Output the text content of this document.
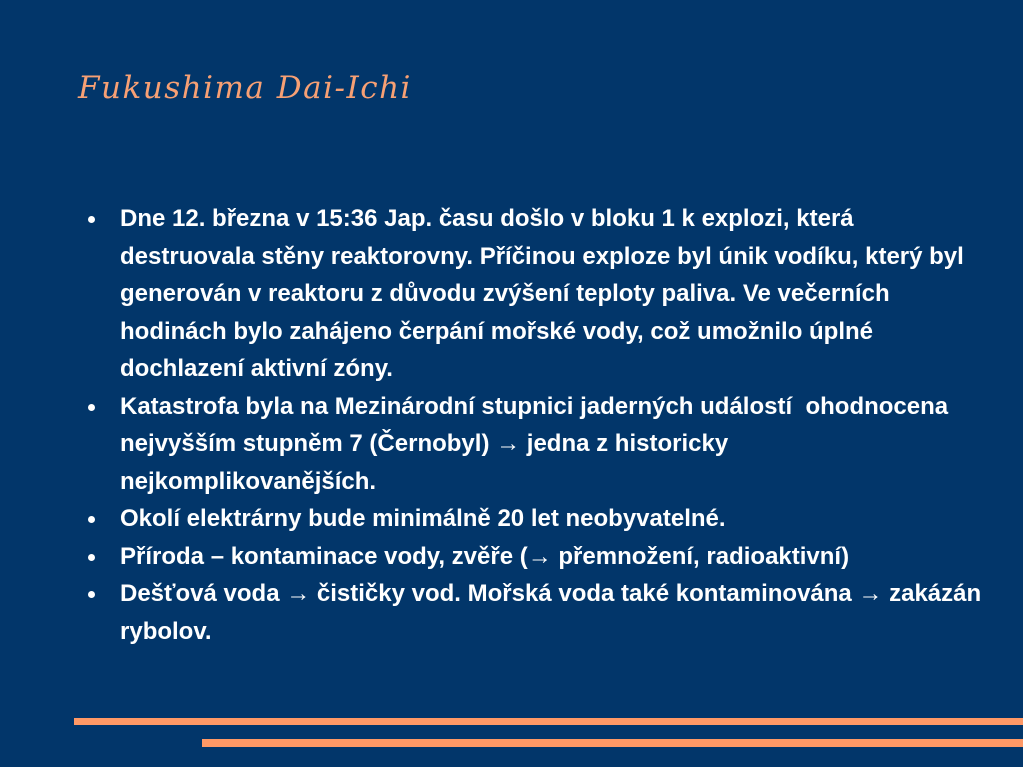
Fukushima Dai-Ichi
Dne 12. března v 15:36 Jap. času došlo v bloku 1 k explozi, která destruovala stěny reaktorovny. Příčinou exploze byl únik vodíku, který byl generován v reaktoru z důvodu zvýšení teploty paliva. Ve večerních hodinách bylo zahájeno čerpání mořské vody, což umožnilo úplné dochlazení aktivní zóny.
Katastrofa byla na Mezinárodní stupnici jaderných událostí  ohodnocena nejvyšším stupněm 7 (Černobyl) → jedna z historicky nejkomplikovanějších.
Okolí elektrárny bude minimálně 20 let neobyvatelné.
Příroda – kontaminace vody, zvěře (→ přemnožení, radioaktivní)
Dešťová voda → čističky vod. Mořská voda také kontaminována → zakázán rybolov.
